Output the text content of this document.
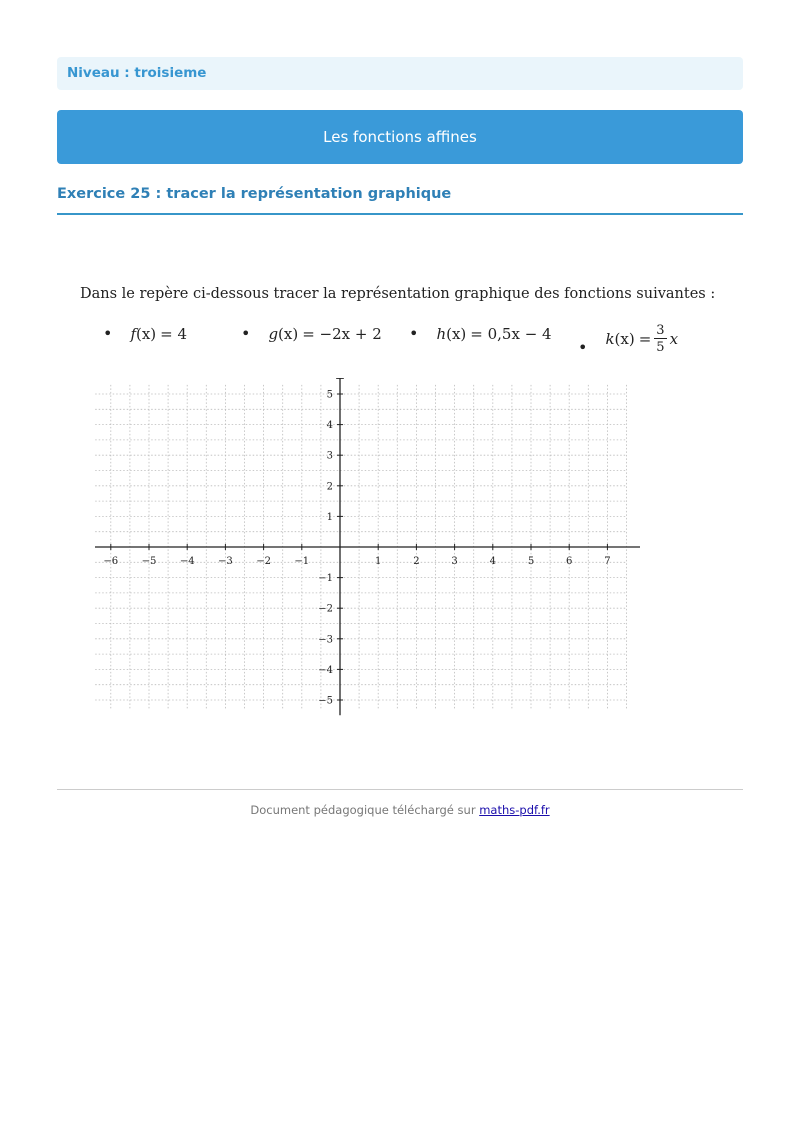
Niveau : troisieme
Les fonctions affines
Exercice 25 : tracer la représentation graphique
Dans le repère ci-dessous tracer la représentation graphique des fonctions suivantes :
• f (x) = 4	• g (x) = −2x + 2 • h (x) = 0,5x − 4
• k $(x) = \frac{3}{5}$ x
−6 −5 −4 −3 −2 −1	1	2	3	4	5	6	7
5
4
3
2
1
−1
−2
−3
−4
−5
Document pédagogique téléchargé sur maths-pdf.fr
